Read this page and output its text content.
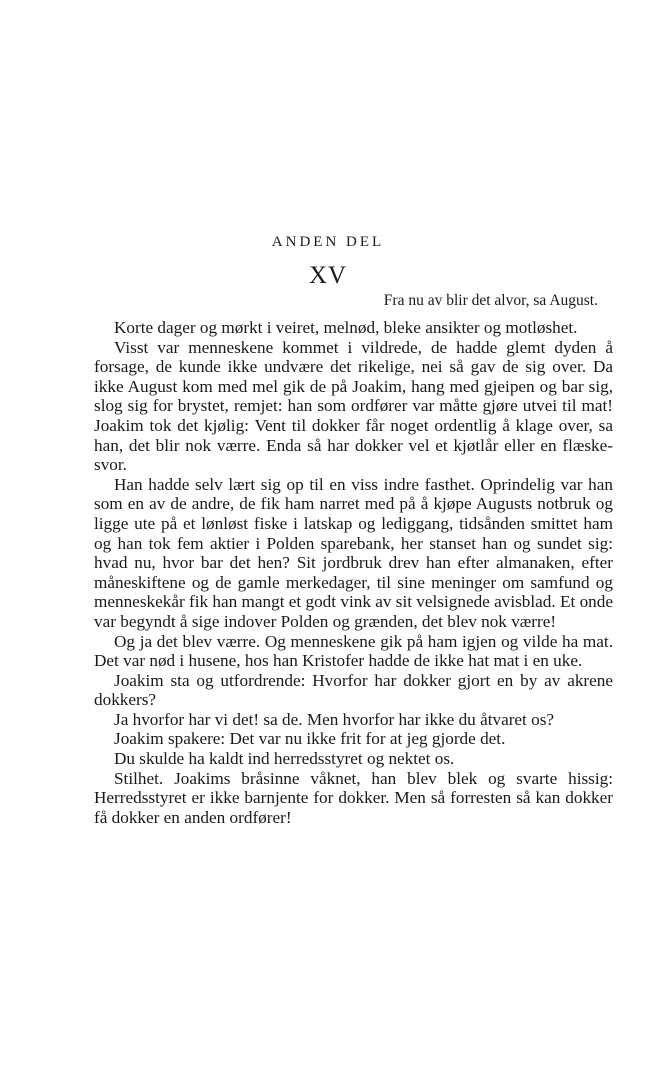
ANDEN DEL
XV
Fra nu av blir det alvor, sa August.

Korte dager og mørkt i veiret, melnød, bleke ansikter og motløshet.

Visst var menneskene kommet i vildrede, de hadde glemt dyden å forsage, de kunde ikke undvære det rikelige, nei så gav de sig over. Da ikke August kom med mel gik de på Joakim, hang med gjeipen og bar sig, slog sig for brystet, remjet: han som ordfører var måtte gjøre utvei til mat! Joakim tok det kjølig: Vent til dokker får noget ordentlig å klage over, sa han, det blir nok værre. Enda så har dokker vel et kjøtlår eller en flæskesvor.

Han hadde selv lært sig op til en viss indre fasthet. Oprindelig var han som en av de andre, de fik ham narret med på å kjøpe Augusts notbruk og ligge ute på et lønløst fiske i latskap og lediggang, tidsånden smittet ham og han tok fem aktier i Polden sparebank, her stanset han og sundet sig: hvad nu, hvor bar det hen? Sit jordbruk drev han efter almanaken, efter måneskiftene og de gamle merkedager, til sine meninger om samfund og menneskekår fik han mangt et godt vink av sit velsignede avisblad. Et onde var begyndt å sige indover Polden og grænden, det blev nok værre!

Og ja det blev værre. Og menneskene gik på ham igjen og vilde ha mat. Det var nød i husene, hos han Kristofer hadde de ikke hat mat i en uke.

Joakim sta og utfordrende: Hvorfor har dokker gjort en by av akrene dokkers?

Ja hvorfor har vi det! sa de. Men hvorfor har ikke du åtvaret os?

Joakim spakere: Det var nu ikke frit for at jeg gjorde det.

Du skulde ha kaldt ind herredsstyret og nektet os.

Stilhet. Joakims bråsinne våknet, han blev blek og svarte hissig: Herredsstyret er ikke barnjente for dokker. Men så forresten så kan dokker få dokker en anden ordfører!
